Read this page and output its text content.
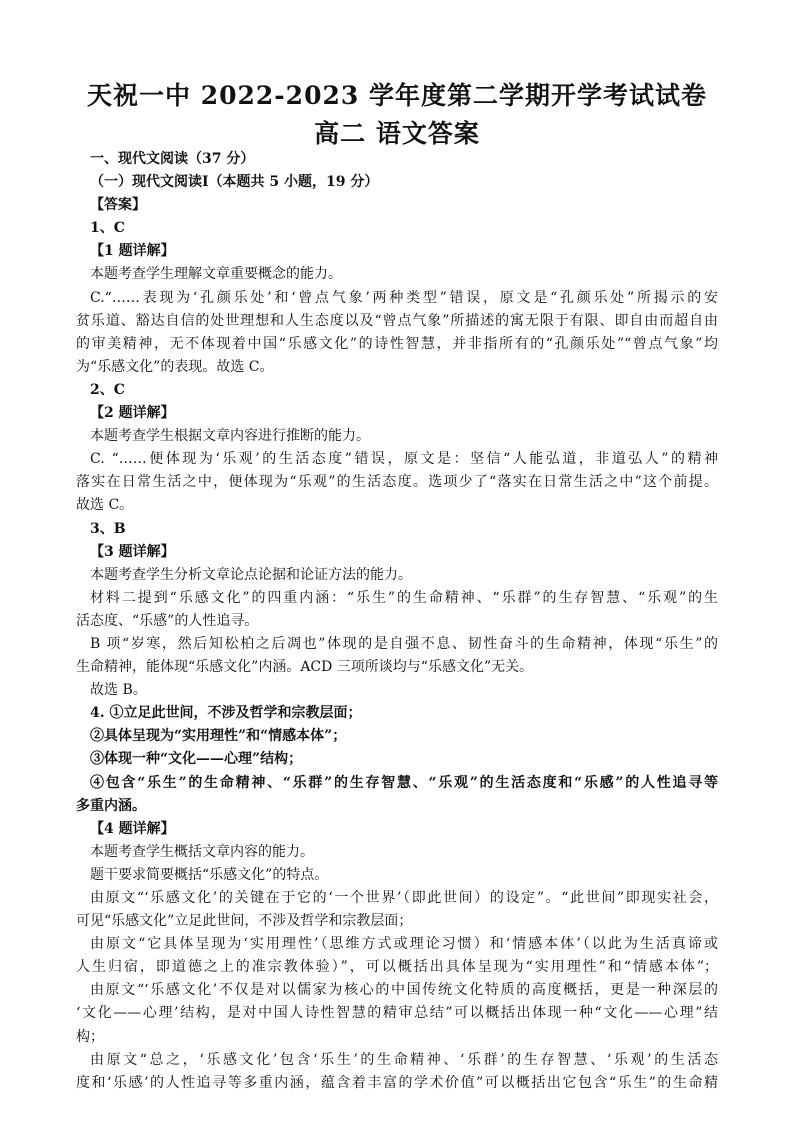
天祝一中 2022-2023 学年度第二学期开学考试试卷
高二 语文答案
一、现代文阅读（37 分）
（一）现代文阅读Ⅰ（本题共 5 小题，19 分）
【答案】
1、C
【1 题详解】
本题考查学生理解文章重要概念的能力。
C.“……表现为‘孔颜乐处’和‘曾点气象’两种类型”错误，原文是“孔颜乐处”所揭示的安
贫乐道、豁达自信的处世理想和人生态度以及“曾点气象”所描述的寓无限于有限、即自由而超自由
的审美精神，无不体现着中国“乐感文化”的诗性智慧，并非指所有的“孔颜乐处”“曾点气象”均
为“乐感文化”的表现。故选 C。
2、C
【2 题详解】
本题考查学生根据文章内容进行推断的能力。
C. “……便体现为‘乐观’的生活态度”错误，原文是：坚信“人能弘道，非道弘人”的精神
落实在日常生活之中，便体现为“乐观”的生活态度。选项少了“落实在日常生活之中”这个前提。
故选 C。
3、B
【3 题详解】
本题考查学生分析文章论点论据和论证方法的能力。
材料二提到“乐感文化”的四重内涵：“乐生”的生命精神、“乐群”的生存智慧、“乐观”的生
活态度、“乐感”的人性追寻。
B 项“岁寒，然后知松柏之后凋也”体现的是自强不息、韧性奋斗的生命精神，体现“乐生”的
生命精神，能体现“乐感文化”内涵。ACD 三项所谈均与“乐感文化”无关。
故选 B。
4. ①立足此世间，不涉及哲学和宗教层面；
②具体呈现为“实用理性”和“情感本体”；
③体现一种“文化——心理”结构；
④包含“乐生”的生命精神、“乐群”的生存智慧、“乐观”的生活态度和“乐感”的人性追寻等
多重内涵。
【4 题详解】
本题考查学生概括文章内容的能力。
题干要求简要概括“乐感文化”的特点。
由原文“‘乐感文化’的关键在于它的‘一个世界’（即此世间）的设定”。“此世间”即现实社会，
可见“乐感文化”立足此世间，不涉及哲学和宗教层面；
由原文“它具体呈现为‘实用理性’（思维方式或理论习惯）和‘情感本体’（以此为生活真谛或
人生归宿，即道德之上的准宗教体验）”，可以概括出具体呈现为“实用理性”和“情感本体”；
由原文“‘乐感文化’不仅是对以儒家为核心的中国传统文化特质的高度概括，更是一种深层的
‘文化——心理’结构，是对中国人诗性智慧的精审总结”可以概括出体现一种“文化——心理”结
构；
由原文“总之，‘乐感文化’包含‘乐生’的生命精神、‘乐群’的生存智慧、‘乐观’的生活态
度和‘乐感’的人性追寻等多重内涵，蕴含着丰富的学术价值”可以概括出它包含“乐生”的生命精
